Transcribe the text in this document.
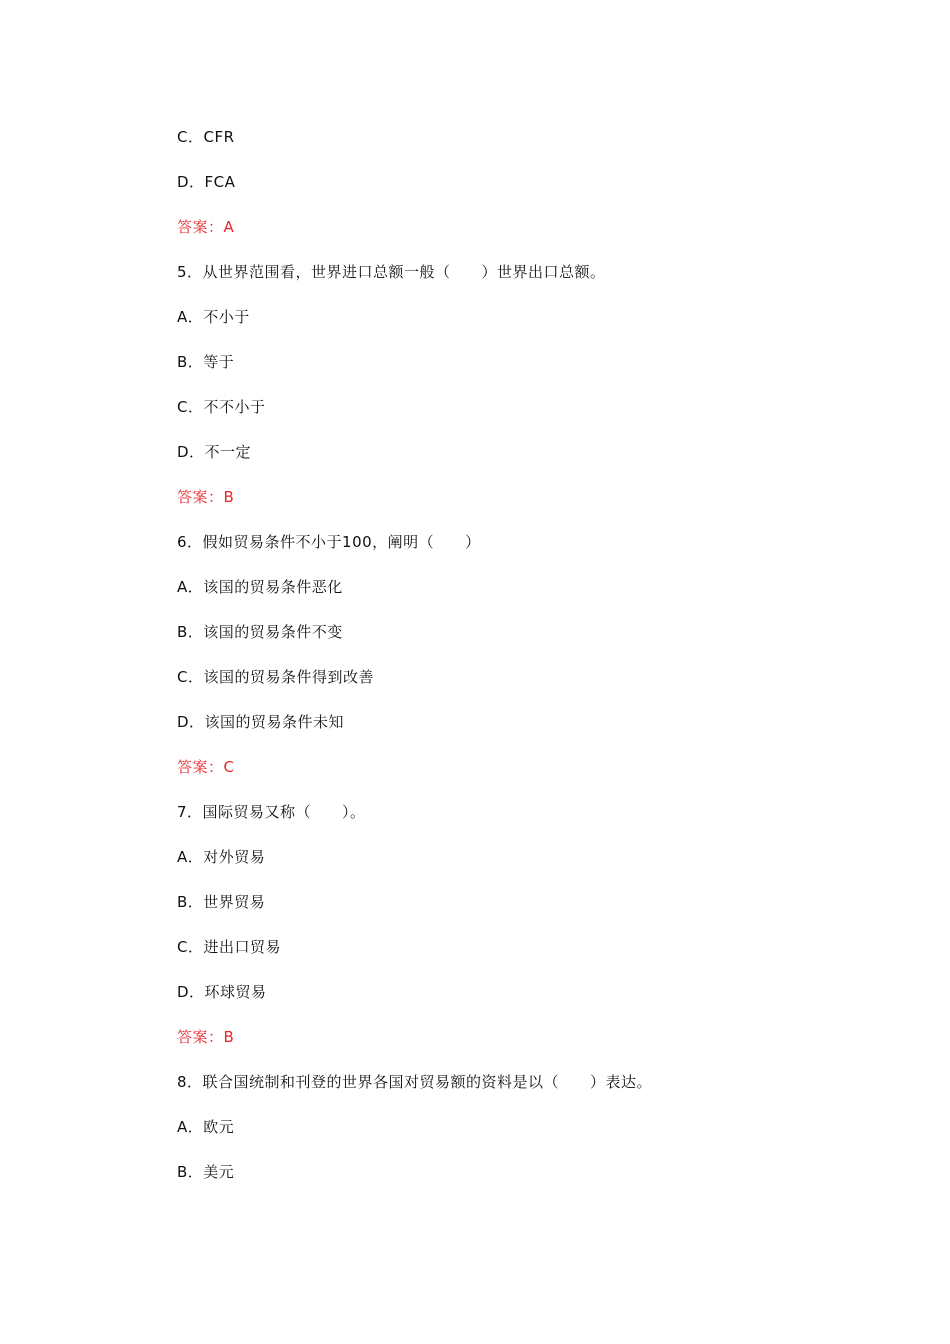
C．CFR
D．FCA
答案：A
5．从世界范围看，世界进口总额一般（　　）世界出口总额。
A．不小于
B．等于
C．不不小于
D．不一定
答案：B
6．假如贸易条件不小于100，阐明（　　）
A．该国的贸易条件恶化
B．该国的贸易条件不变
C．该国的贸易条件得到改善
D．该国的贸易条件未知
答案：C
7．国际贸易又称（　　）。
A．对外贸易
B．世界贸易
C．进出口贸易
D．环球贸易
答案：B
8．联合国统制和刊登的世界各国对贸易额的资料是以（　　）表达。
A．欧元
B．美元
